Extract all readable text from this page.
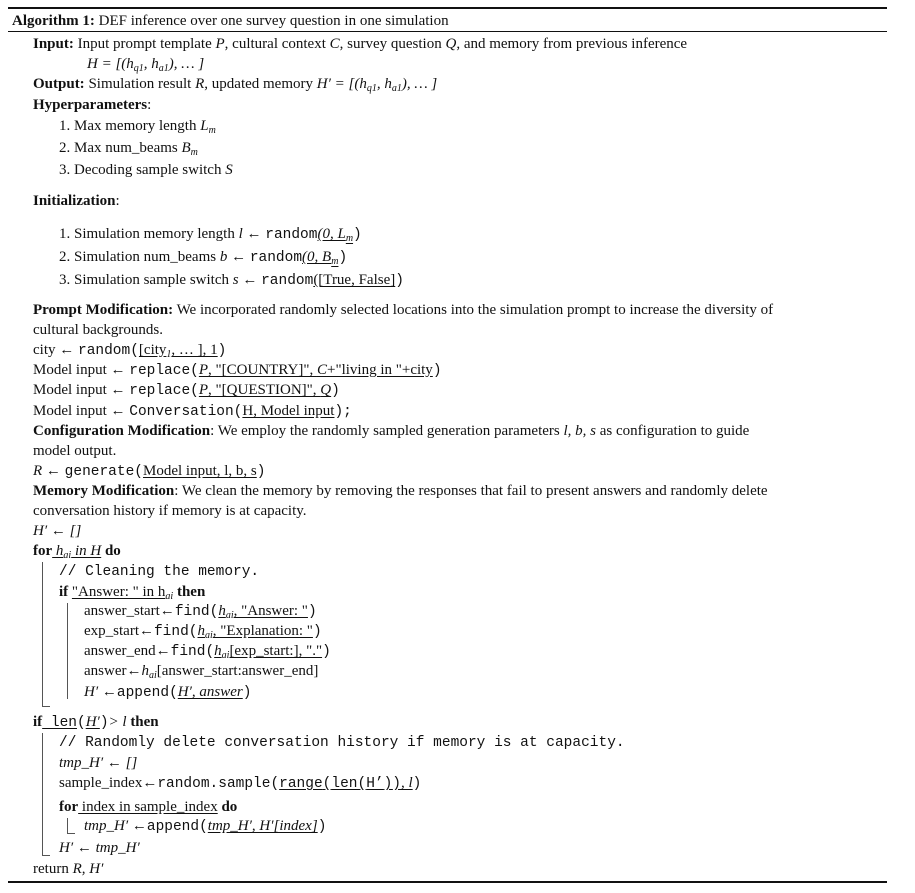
Algorithm 1: DEF inference over one survey question in one simulation
Input: Input prompt template P, cultural context C, survey question Q, and memory from previous inference
$H = [(h_{q1}$, $h_{a1}$), … ]
Output: Simulation result R, updated memory $H' = [(h_{q1}$, $h_{a1}$), … ]
Hyperparameters:
1. Max memory length $L_m$
2. Max num_beams $B_m$
3. Decoding sample switch S
Initialization:
1. Simulation memory length l ← random(0, $L_m$)
2. Simulation num_beams b ← random(0, $B_m$)
3. Simulation sample switch s ← random([True, False])
Prompt Modification: We incorporated randomly selected locations into the simulation prompt to increase the diversity of
cultural backgrounds.
city ← random([city$_1$, … ], 1)
Model input ← replace(P, "[COUNTRY]", C+"living in "+city)
Model input ← replace(P, "[QUESTION]", Q)
Model input ← Conversation(H, Model input);
Configuration Modification: We employ the randomly sampled generation parameters l, b, s as configuration to guide
model output.
R ← generate(Model input, l, b, s)
Memory Modification: We clean the memory by removing the responses that fail to present answers and randomly delete
conversation history if memory is at capacity.
H′ ← []
for $h_{ai}$ in H do
// Cleaning the memory.
if "Answer: " in $h_{ai}$ then
$answer\_start\leftarrow find(h_{ai}$, "Answer: ")
$\exp\_start\leftarrow find(h_{ai}$, "Explanation: ")
$answer\_end\leftarrow find(h_{ai}[\exp\_start:]$, ".")
$answer\leftarrow h_{ai}[answer\_start:answer\_end]$
H′ ←append(H′, answer)
if len(H′)> l then
// Randomly delete conversation history if memory is at capacity.
tmp_H′ ← []
sample_index←random.sample(range(len(H’)), l)
for index in sample_index do
tmp_H′ ←append(tmp_H′, H′[index])
H′ ← tmp_H′
return R, H′
